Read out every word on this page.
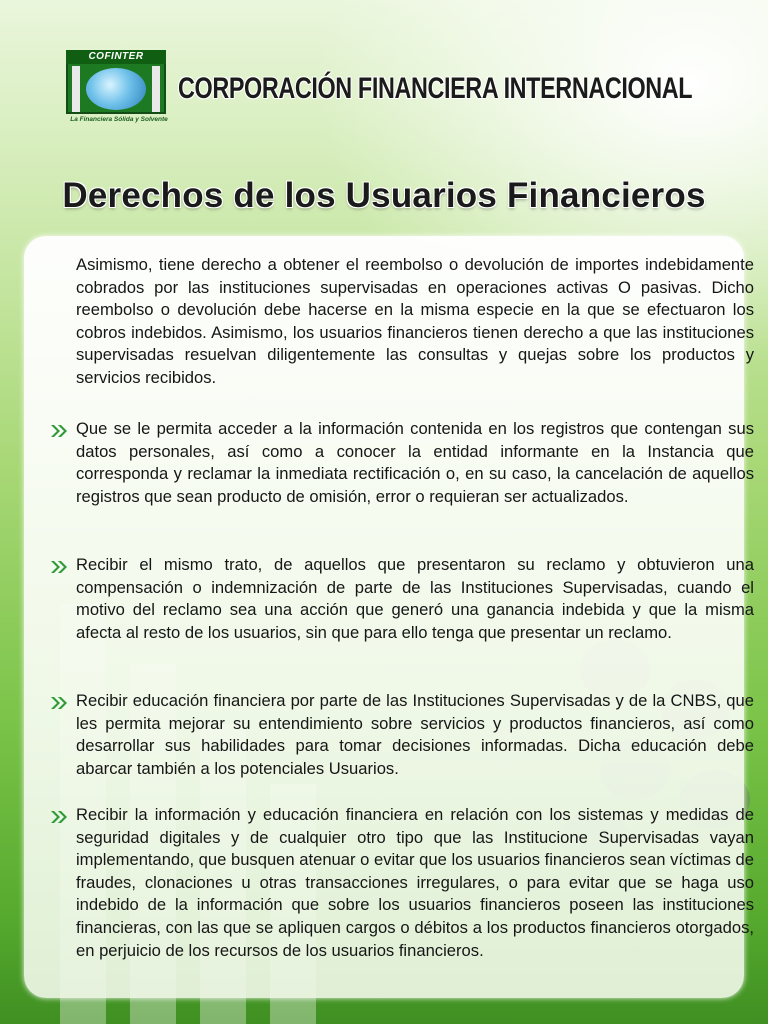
COFINTER
La Financiera Sólida y Solvente
CORPORACIÓN FINANCIERA INTERNACIONAL
Derechos de los Usuarios Financieros

Asimismo, tiene derecho a obtener el reembolso o devolución de importes indebidamente cobrados por las instituciones supervisadas en operaciones activas O pasivas. Dicho reembolso o devolución debe hacerse en la misma especie en la que se efectuaron los cobros indebidos. Asimismo, los usuarios financieros tienen derecho a que las instituciones supervisadas resuelvan diligentemente las consultas y quejas sobre los productos y servicios recibidos.

Que se le permita acceder a la información contenida en los registros que contengan sus datos personales, así como a conocer la entidad informante en la Instancia que corresponda y reclamar la inmediata rectificación o, en su caso, la cancelación de aquellos registros que sean producto de omisión, error o requieran ser actualizados.

Recibir el mismo trato, de aquellos que presentaron su reclamo y obtuvieron una compensación o indemnización de parte de las Instituciones Supervisadas, cuando el motivo del reclamo sea una acción que generó una ganancia indebida y que la misma afecta al resto de los usuarios, sin que para ello tenga que presentar un reclamo.

Recibir educación financiera por parte de las Instituciones Supervisadas y de la CNBS, que les permita mejorar su entendimiento sobre servicios y productos financieros, así como desarrollar sus habilidades para tomar decisiones informadas. Dicha educación debe abarcar también a los potenciales Usuarios.

Recibir la información y educación financiera en relación con los sistemas y medidas de seguridad digitales y de cualquier otro tipo que las Institucione Supervisadas vayan implementando, que busquen atenuar o evitar que los usuarios financieros sean víctimas de fraudes, clonaciones u otras transacciones irregulares, o para evitar que se haga uso indebido de la información que sobre los usuarios financieros poseen las instituciones financieras, con las que se apliquen cargos o débitos a los productos financieros otorgados, en perjuicio de los recursos de los usuarios financieros.
